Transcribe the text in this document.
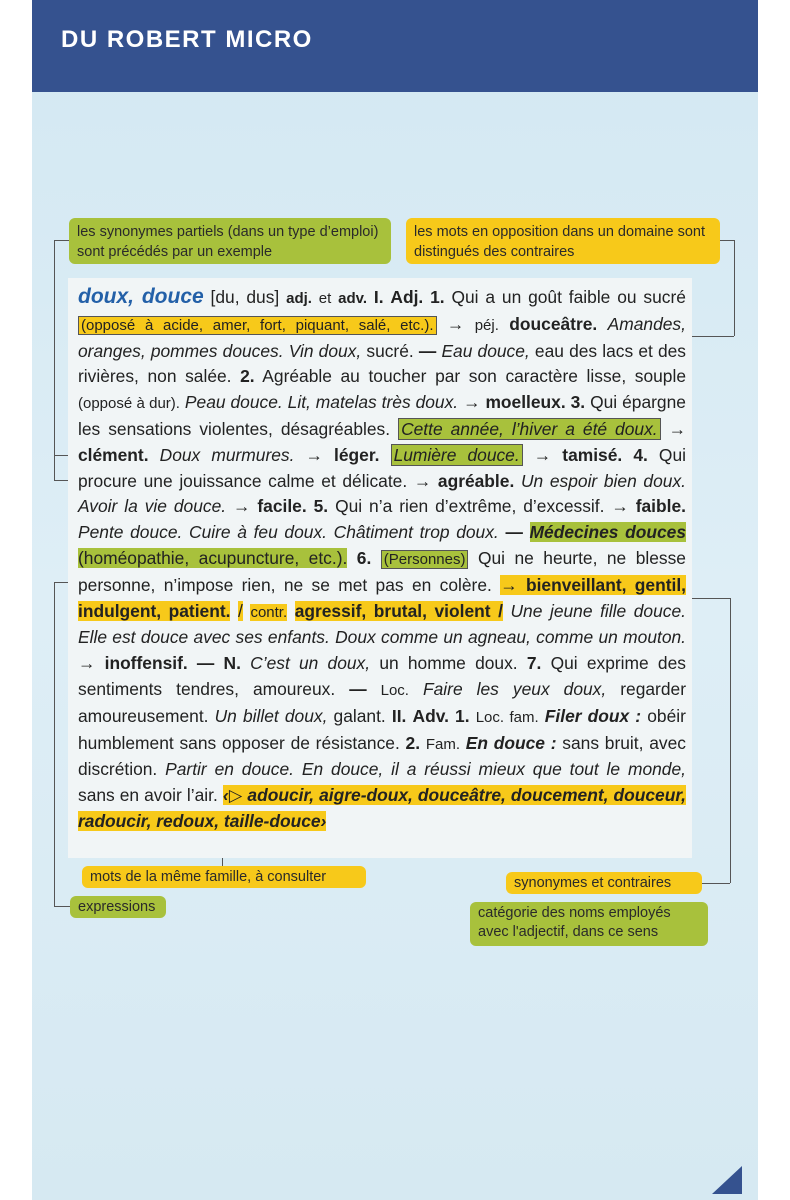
DU ROBERT MICRO
les synonymes partiels (dans un type d’emploi) sont précédés par un exemple
les mots en opposition dans un domaine sont distingués des contraires
doux, douce [du, dus] adj. et adv. I. Adj. 1. Qui a un goût faible ou sucré (opposé à acide, amer, fort, piquant, salé, etc.). → péj. douceâtre. Amandes, oranges, pommes douces. Vin doux, sucré. — Eau douce, eau des lacs et des rivières, non salée. 2. Agréable au toucher par son caractère lisse, souple (opposé à dur). Peau douce. Lit, matelas très doux. → moelleux. 3. Qui épargne les sensations violentes, désagréables. Cette année, l’hiver a été doux. → clément. Doux murmures. → léger. Lumière douce. → tamisé. 4. Qui procure une jouissance calme et délicate. → agréable. Un espoir bien doux. Avoir la vie douce. → facile. 5. Qui n’a rien d’extrême, d’excessif. → faible. Pente douce. Cuire à feu doux. Châtiment trop doux. — Médecines douces (homéopathie, acupuncture, etc.). 6. (Personnes) Qui ne heurte, ne blesse personne, n’impose rien, ne se met pas en colère. → bienveillant, gentil, indulgent, patient. / contr. agressif, brutal, violent / Une jeune fille douce. Elle est douce avec ses enfants. Doux comme un agneau, comme un mouton. → inoffensif. — N. C’est un doux, un homme doux. 7. Qui exprime des sentiments tendres, amoureux. — Loc. Faire les yeux doux, regarder amoureusement. Un billet doux, galant. II. Adv. 1. Loc. fam. Filer doux : obéir humblement sans opposer de résistance. 2. Fam. En douce : sans bruit, avec discrétion. Partir en douce. En douce, il a réussi mieux que tout le monde, sans en avoir l’air. ‹▷ adoucir, aigre-doux, douceâtre, doucement, douceur, radoucir, redoux, taille-douce›
mots de la même famille, à consulter
expressions
synonymes et contraires
catégorie des noms employés avec l'adjectif, dans ce sens
